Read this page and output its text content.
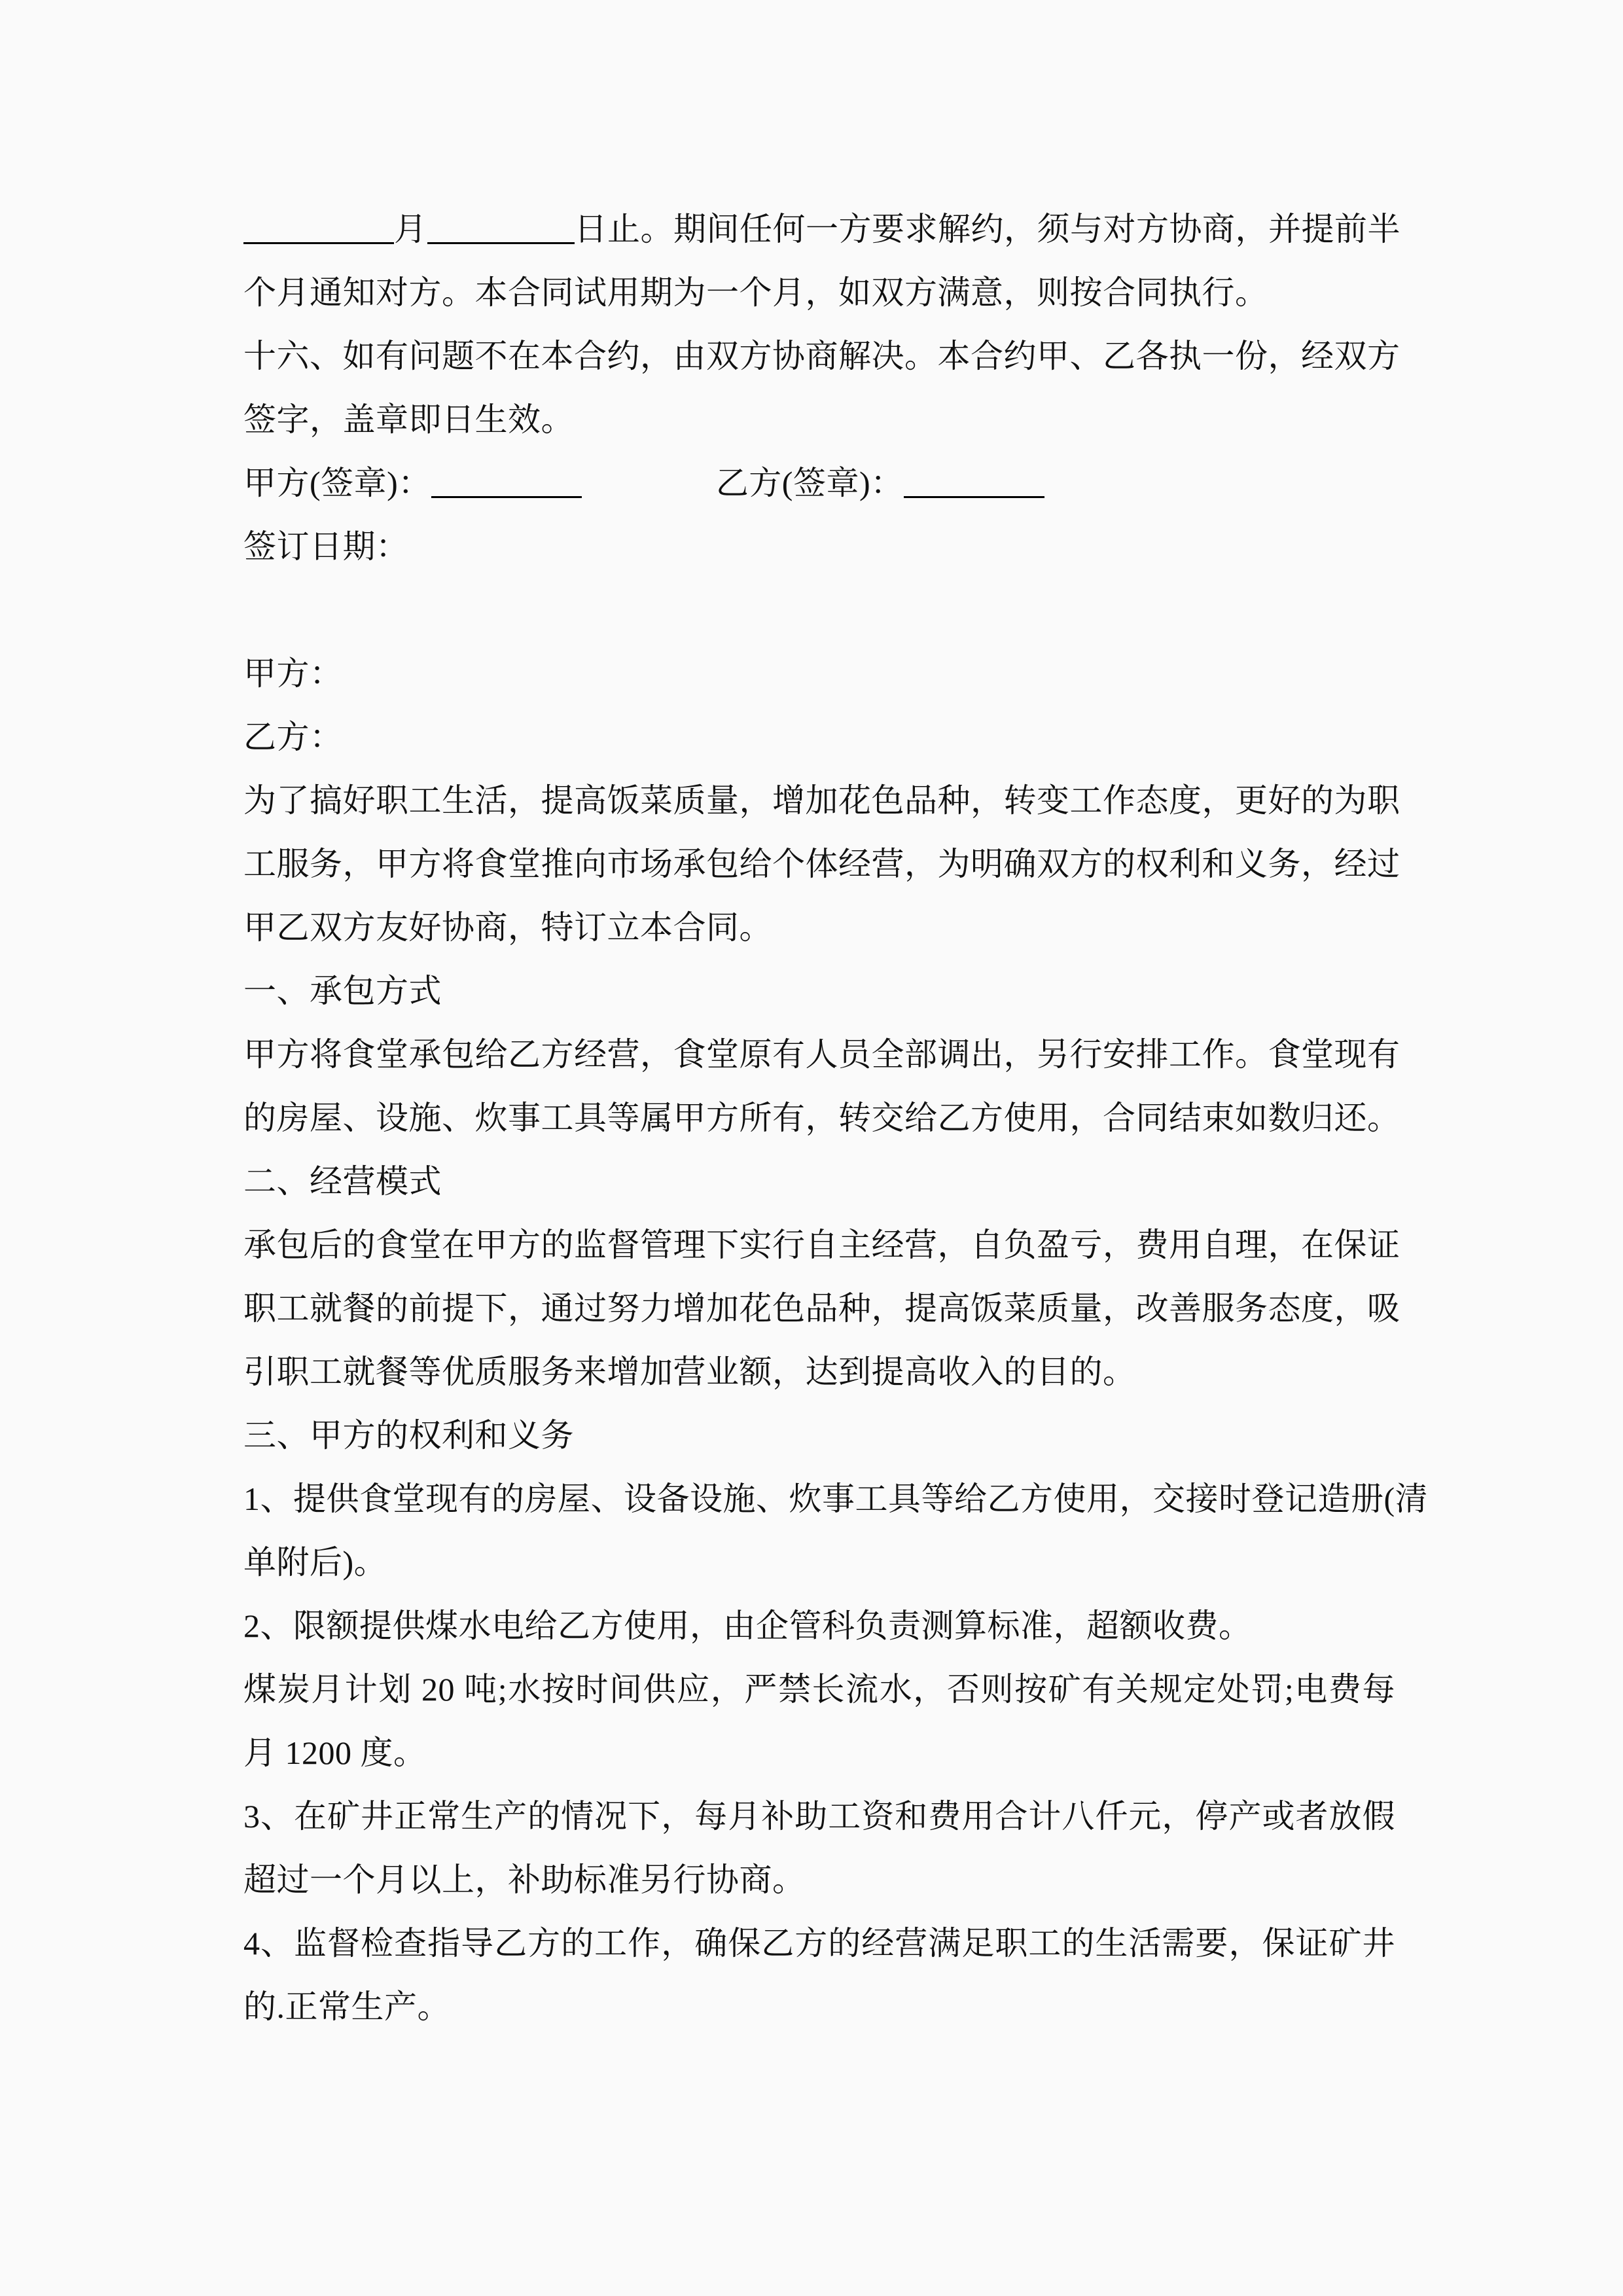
月	日止。期间任何一方要求解约，须与对方协商，并提前半
个月通知对方。本合同试用期为一个月，如双方满意，则按合同执行。
十六、如有问题不在本合约，由双方协商解决。本合约甲、乙各执一份，经双方
签字，盖章即日生效。
甲方(签章)：	乙方(签章)：
签订日期：
甲方：
乙方：
为了搞好职工生活，提高饭菜质量，增加花色品种，转变工作态度，更好的为职
工服务，甲方将食堂推向市场承包给个体经营，为明确双方的权利和义务，经过
甲乙双方友好协商，特订立本合同。
一、承包方式
甲方将食堂承包给乙方经营，食堂原有人员全部调出，另行安排工作。食堂现有
的房屋、设施、炊事工具等属甲方所有，转交给乙方使用，合同结束如数归还。
二、经营模式
承包后的食堂在甲方的监督管理下实行自主经营，自负盈亏，费用自理，在保证
职工就餐的前提下，通过努力增加花色品种，提高饭菜质量，改善服务态度，吸
引职工就餐等优质服务来增加营业额，达到提高收入的目的。
三、甲方的权利和义务
1、提供食堂现有的房屋、设备设施、炊事工具等给乙方使用，交接时登记造册(清
单附后)。
2、限额提供煤水电给乙方使用，由企管科负责测算标准，超额收费。
煤炭月计划 20 吨;水按时间供应，严禁长流水，否则按矿有关规定处罚;电费每
月 1200 度。
3、在矿井正常生产的情况下，每月补助工资和费用合计八仟元，停产或者放假
超过一个月以上，补助标准另行协商。
4、监督检查指导乙方的工作，确保乙方的经营满足职工的生活需要，保证矿井
的.正常生产。
